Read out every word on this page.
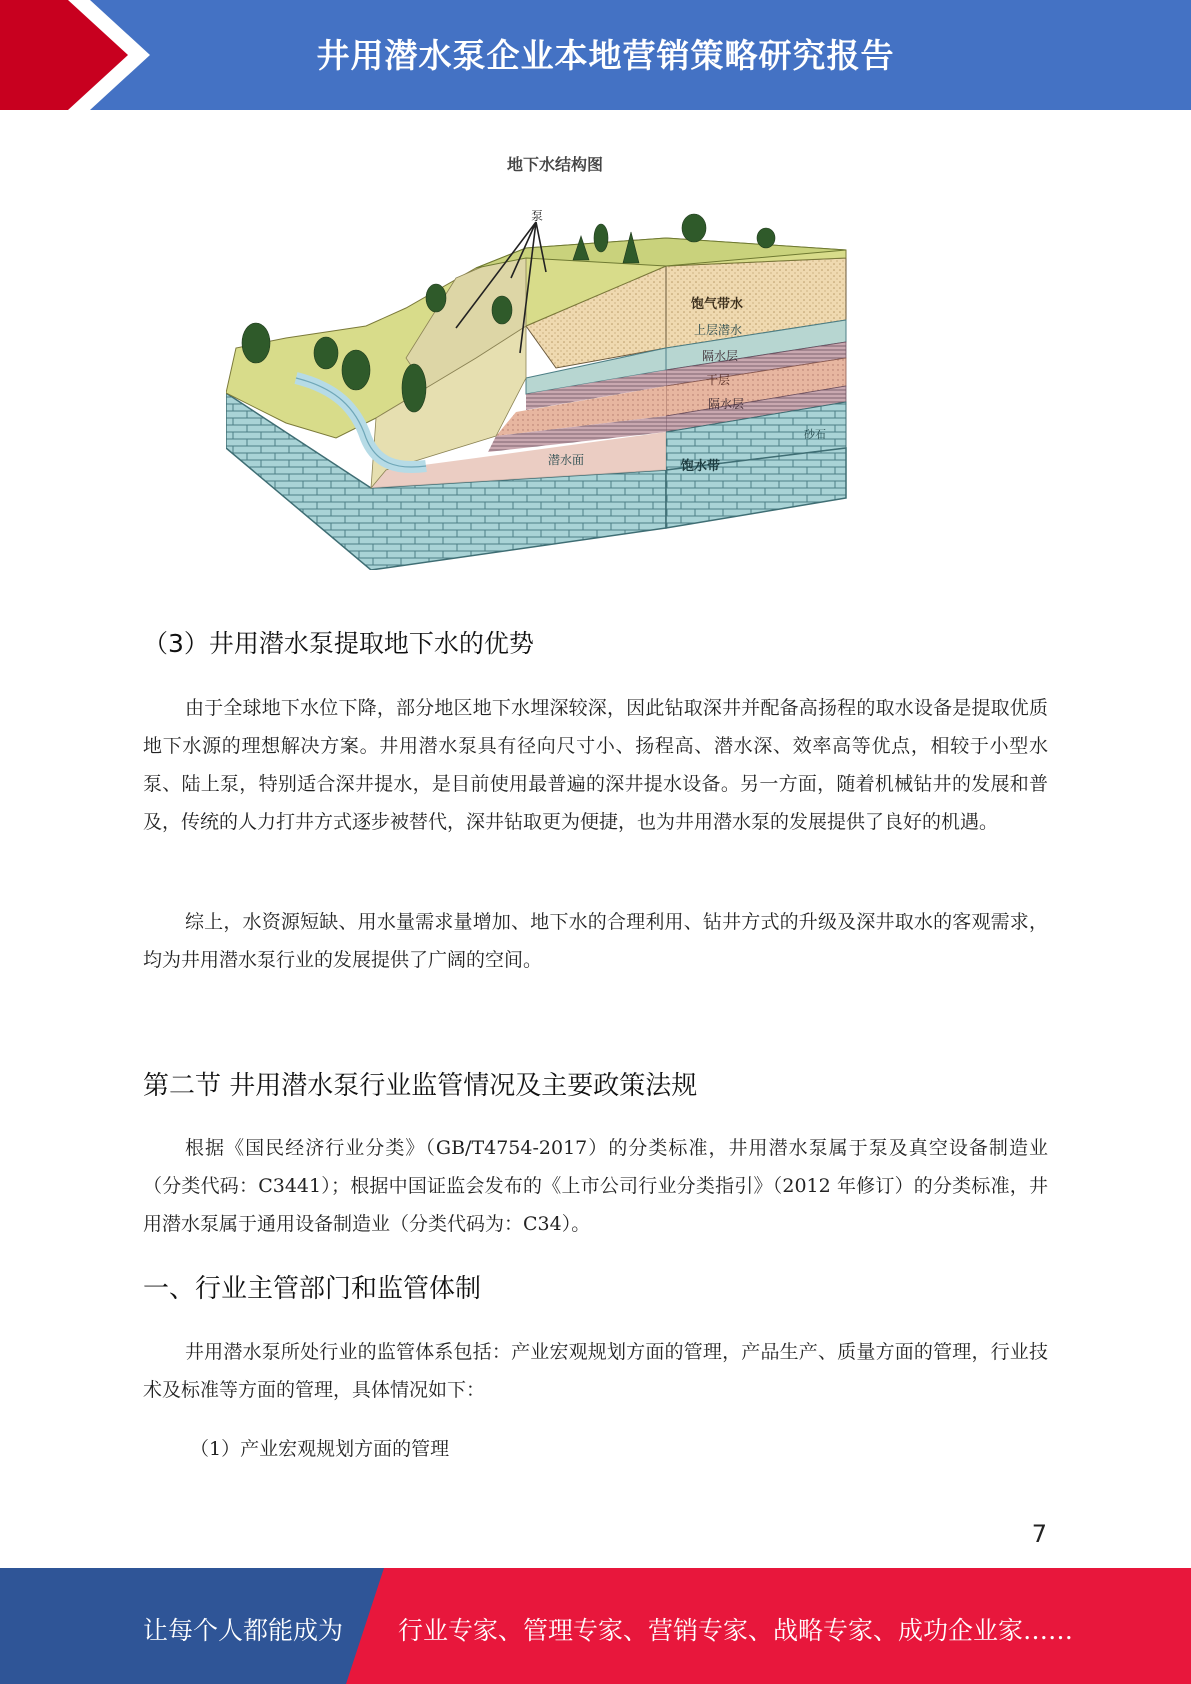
井用潜水泵企业本地营销策略研究报告
地下水结构图
泵
饱气带水
上层潜水
隔水层
干层
隔水层
砂石
潜水面	饱水带
（3）井用潜水泵提取地下水的优势

由于全球地下水位下降，部分地区地下水埋深较深，因此钻取深井并配备高扬程的取水设备是提取优质地下水源的理想解决方案。井用潜水泵具有径向尺寸小、扬程高、潜水深、效率高等优点，相较于小型水泵、陆上泵，特别适合深井提水，是目前使用最普遍的深井提水设备。另一方面，随着机械钻井的发展和普及，传统的人力打井方式逐步被替代，深井钻取更为便捷，也为井用潜水泵的发展提供了良好的机遇。

综上，水资源短缺、用水量需求量增加、地下水的合理利用、钻井方式的升级及深井取水的客观需求，均为井用潜水泵行业的发展提供了广阔的空间。

第二节 井用潜水泵行业监管情况及主要政策法规

根据《国民经济行业分类》（GB/T4754-2017）的分类标准，井用潜水泵属于泵及真空设备制造业（分类代码：C3441）；根据中国证监会发布的《上市公司行业分类指引》（2012 年修订）的分类标准，井用潜水泵属于通用设备制造业（分类代码为：C34）。

一、行业主管部门和监管体制

井用潜水泵所处行业的监管体系包括：产业宏观规划方面的管理，产品生产、质量方面的管理，行业技术及标准等方面的管理，具体情况如下：

（1）产业宏观规划方面的管理
7
让每个人都能成为 行业专家、管理专家、营销专家、战略专家、成功企业家……
